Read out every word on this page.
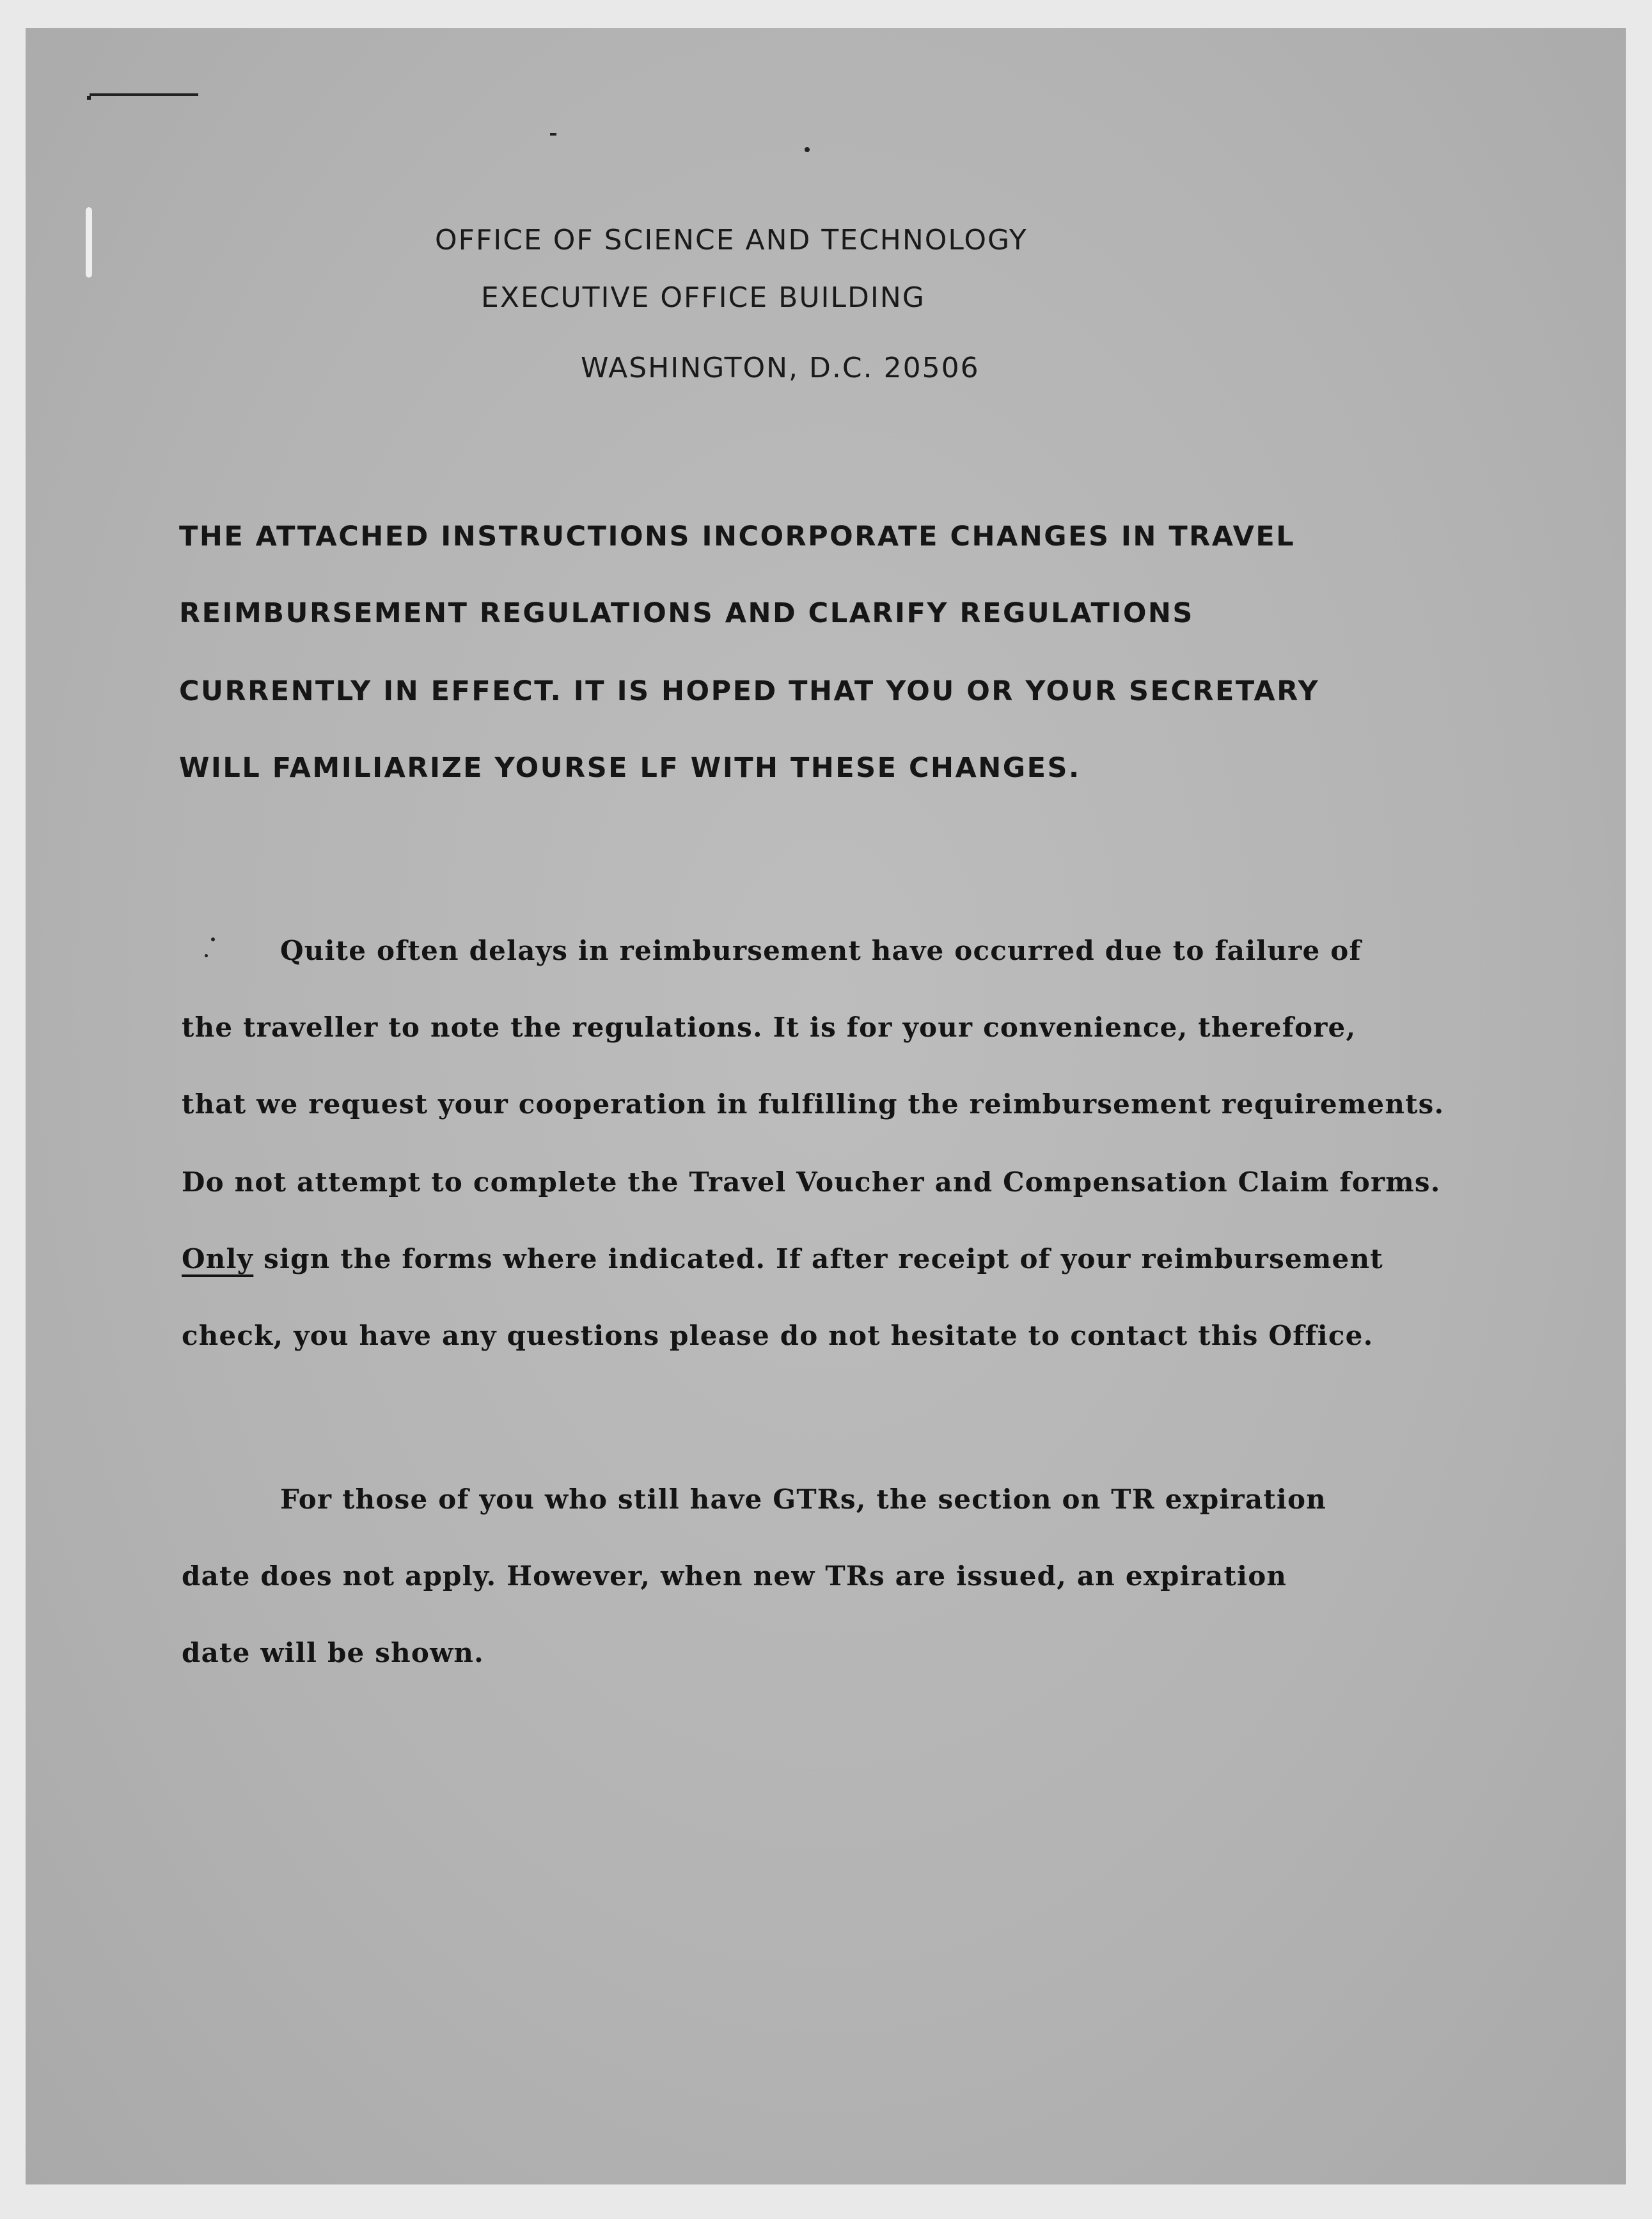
OFFICE OF SCIENCE AND TECHNOLOGY
EXECUTIVE OFFICE BUILDING
WASHINGTON, D.C. 20506
THE ATTACHED INSTRUCTIONS INCORPORATE CHANGES IN TRAVEL
REIMBURSEMENT REGULATIONS AND CLARIFY REGULATIONS
CURRENTLY IN EFFECT. IT IS HOPED THAT YOU OR YOUR SECRETARY
WILL FAMILIARIZE YOURSE LF WITH THESE CHANGES.
Quite often delays in reimbursement have occurred due to failure of
the traveller to note the regulations. It is for your convenience, therefore,
that we request your cooperation in fulfilling the reimbursement requirements.
Do not attempt to complete the Travel Voucher and Compensation Claim forms.
Only sign the forms where indicated. If after receipt of your reimbursement
check, you have any questions please do not hesitate to contact this Office.
For those of you who still have GTRs, the section on TR expiration
date does not apply. However, when new TRs are issued, an expiration
date will be shown.
